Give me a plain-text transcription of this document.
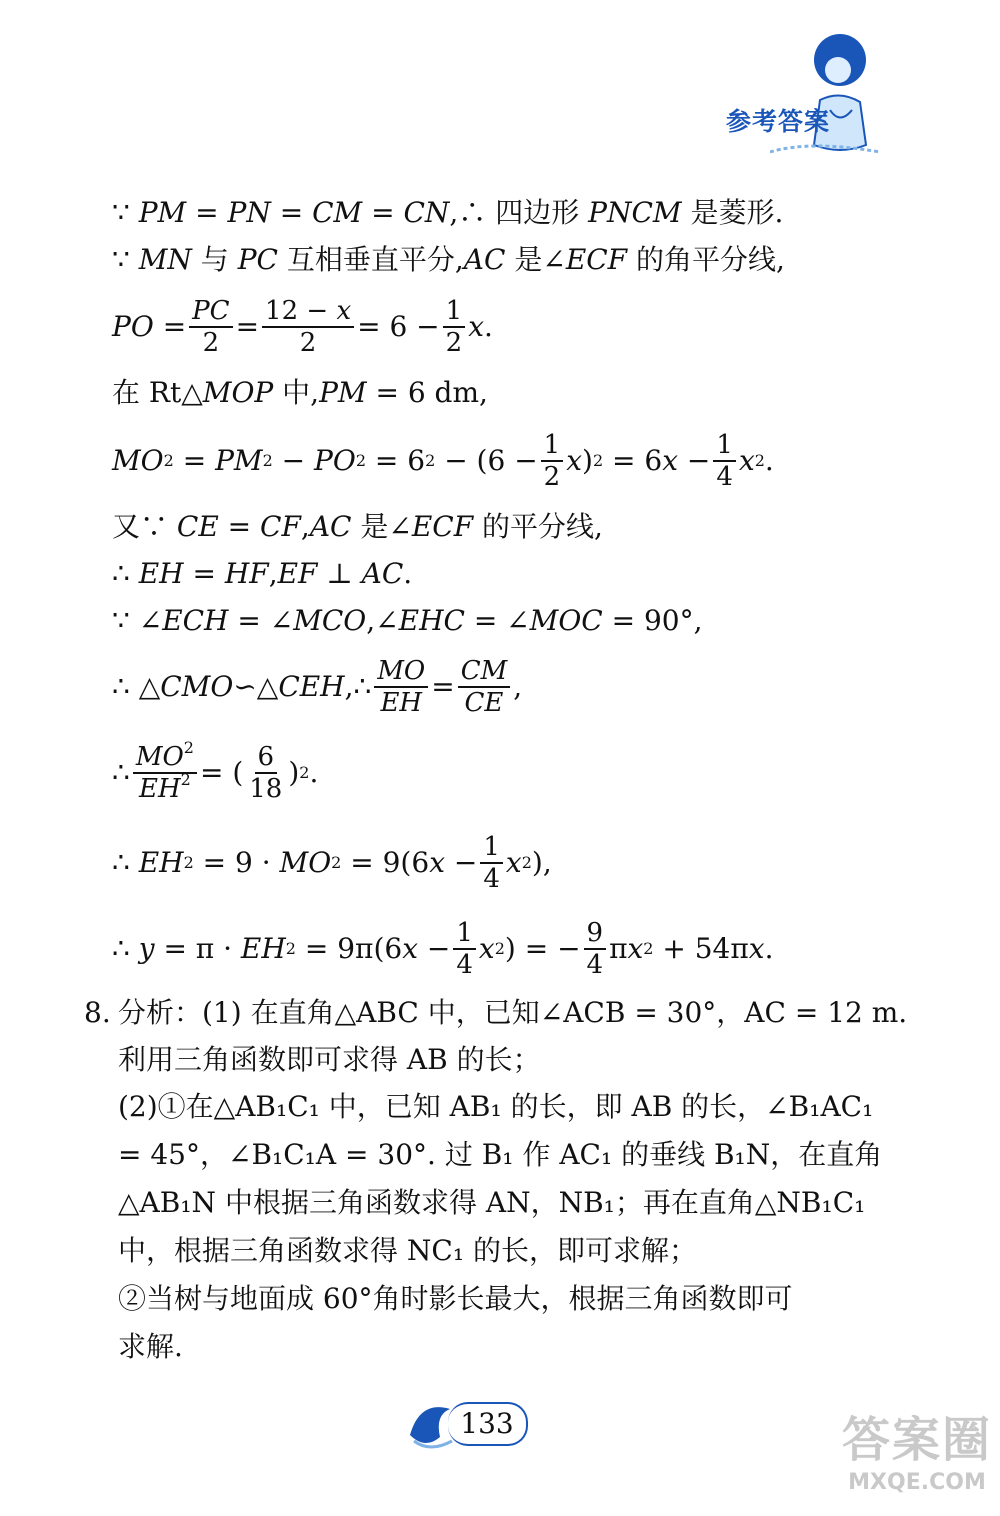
参考答案
∵ PM = PN = CM = CN ,∴ 四边形 PNCM 是菱形.
∵ MN 与 PC 互相垂直平分, AC 是∠ ECF 的角平分线,
PO = $\frac{PC}{2} = \frac{12 - x}{2} = 6 - \frac{1}{2}$ x .
在 Rt△ MOP 中, PM = 6 dm,
MO 2 = PM 2 − PO 2 = 6 $2 - (6 - \frac{1}{2}$ x ) 2 = 6 $x - \frac{1}{4}$ x 2 .
又∵ CE = CF , AC 是∠ ECF 的平分线,
∴ EH = HF , EF ⊥ AC .
∵ ∠ ECH = ∠ MCO ,∠ EHC = ∠ MOC = 90°,
∴ △ CMO ∽△ CEH ,∴ $\frac{MO}{EH} = \frac{CM}{CE}$ ,
∴ $\frac{MO^2}{EH^2}$ = ( $\frac{6}{18}$ ) 2 .
∴ EH 2 = 9 · MO 2 = 9(6 $x - \frac{1}{4}$ x 2 ),
∴ y = π · EH 2 = 9π(6 $x - \frac{1}{4}$ x 2 ) = − $\frac{9}{4}$ π x 2 + 54π x .
8. 分析：(1) 在直角△ABC 中，已知∠ACB = 30°，AC = 12 m.
利用三角函数即可求得 AB 的长；
(2)①在△AB₁C₁ 中，已知 AB₁ 的长，即 AB 的长，∠B₁AC₁
= 45°，∠B₁C₁A = 30°. 过 B₁ 作 AC₁ 的垂线 B₁N，在直角
△AB₁N 中根据三角函数求得 AN，NB₁；再在直角△NB₁C₁
中，根据三角函数求得 NC₁ 的长，即可求解；
②当树与地面成 60°角时影长最大，根据三角函数即可
求解.
133	答案圈
MXQE.COM
